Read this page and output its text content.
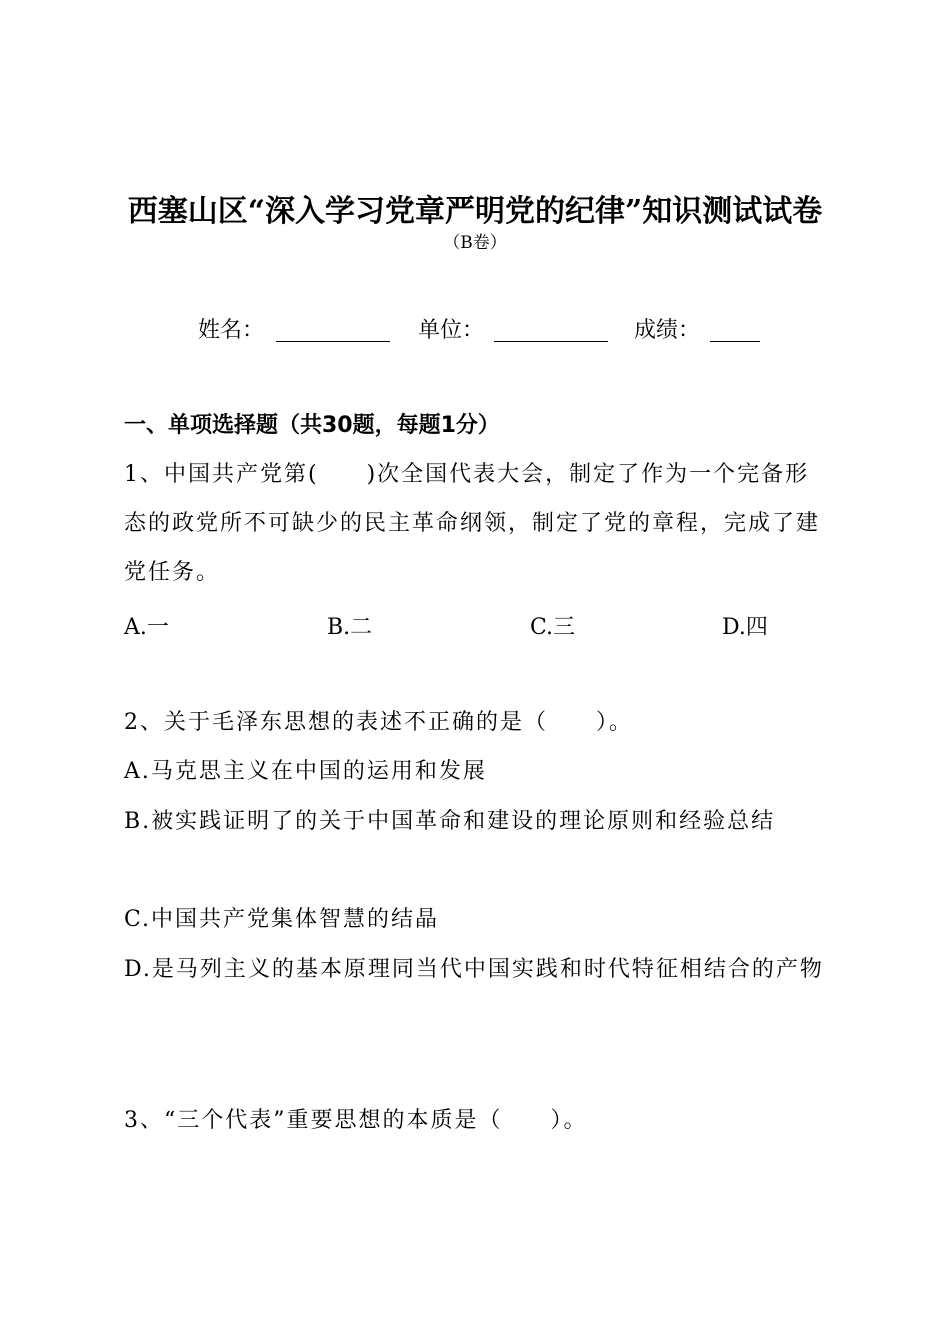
西塞山区“深入学习党章严明党的纪律”知识测试试卷
（B卷）
姓名：	单位：	成绩：
一、单项选择题（共30题，每题1分）
1、中国共产党第(　　)次全国代表大会，制定了作为一个完备形态的政党所不可缺少的民主革命纲领，制定了党的章程，完成了建党任务。
A.一	B.二	C.三	D.四
2、关于毛泽东思想的表述不正确的是（　　）。
A.马克思主义在中国的运用和发展
B.被实践证明了的关于中国革命和建设的理论原则和经验总结
C.中国共产党集体智慧的结晶
D.是马列主义的基本原理同当代中国实践和时代特征相结合的产物
3、“三个代表”重要思想的本质是（　　）。
